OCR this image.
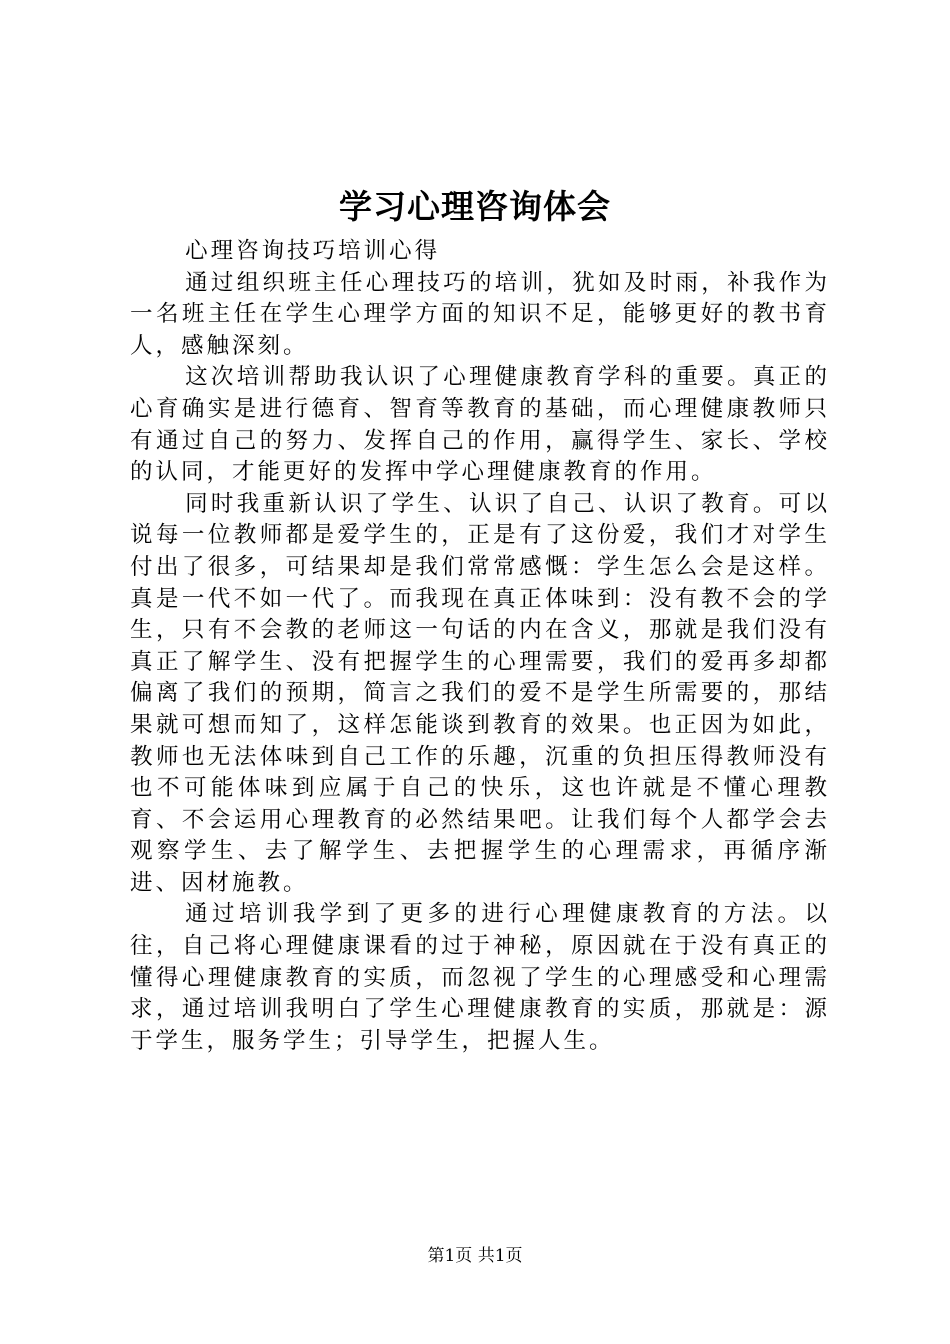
学习心理咨询体会

心理咨询技巧培训心得

通过组织班主任心理技巧的培训，犹如及时雨，补我作为一名班主任在学生心理学方面的知识不足，能够更好的教书育人，感触深刻。

这次培训帮助我认识了心理健康教育学科的重要。真正的心育确实是进行德育、智育等教育的基础，而心理健康教师只有通过自己的努力、发挥自己的作用，赢得学生、家长、学校的认同，才能更好的发挥中学心理健康教育的作用。

同时我重新认识了学生、认识了自己、认识了教育。可以说每一位教师都是爱学生的，正是有了这份爱，我们才对学生付出了很多，可结果却是我们常常感慨：学生怎么会是这样。真是一代不如一代了。而我现在真正体味到：没有教不会的学生，只有不会教的老师这一句话的内在含义，那就是我们没有真正了解学生、没有把握学生的心理需要，我们的爱再多却都偏离了我们的预期，简言之我们的爱不是学生所需要的，那结果就可想而知了，这样怎能谈到教育的效果。也正因为如此，教师也无法体味到自己工作的乐趣，沉重的负担压得教师没有也不可能体味到应属于自己的快乐，这也许就是不懂心理教育、不会运用心理教育的必然结果吧。让我们每个人都学会去观察学生、去了解学生、去把握学生的心理需求，再循序渐进、因材施教。

通过培训我学到了更多的进行心理健康教育的方法。以往，自己将心理健康课看的过于神秘，原因就在于没有真正的懂得心理健康教育的实质，而忽视了学生的心理感受和心理需求，通过培训我明白了学生心理健康教育的实质，那就是：源于学生，服务学生；引导学生，把握人生。

第1页 共1页
